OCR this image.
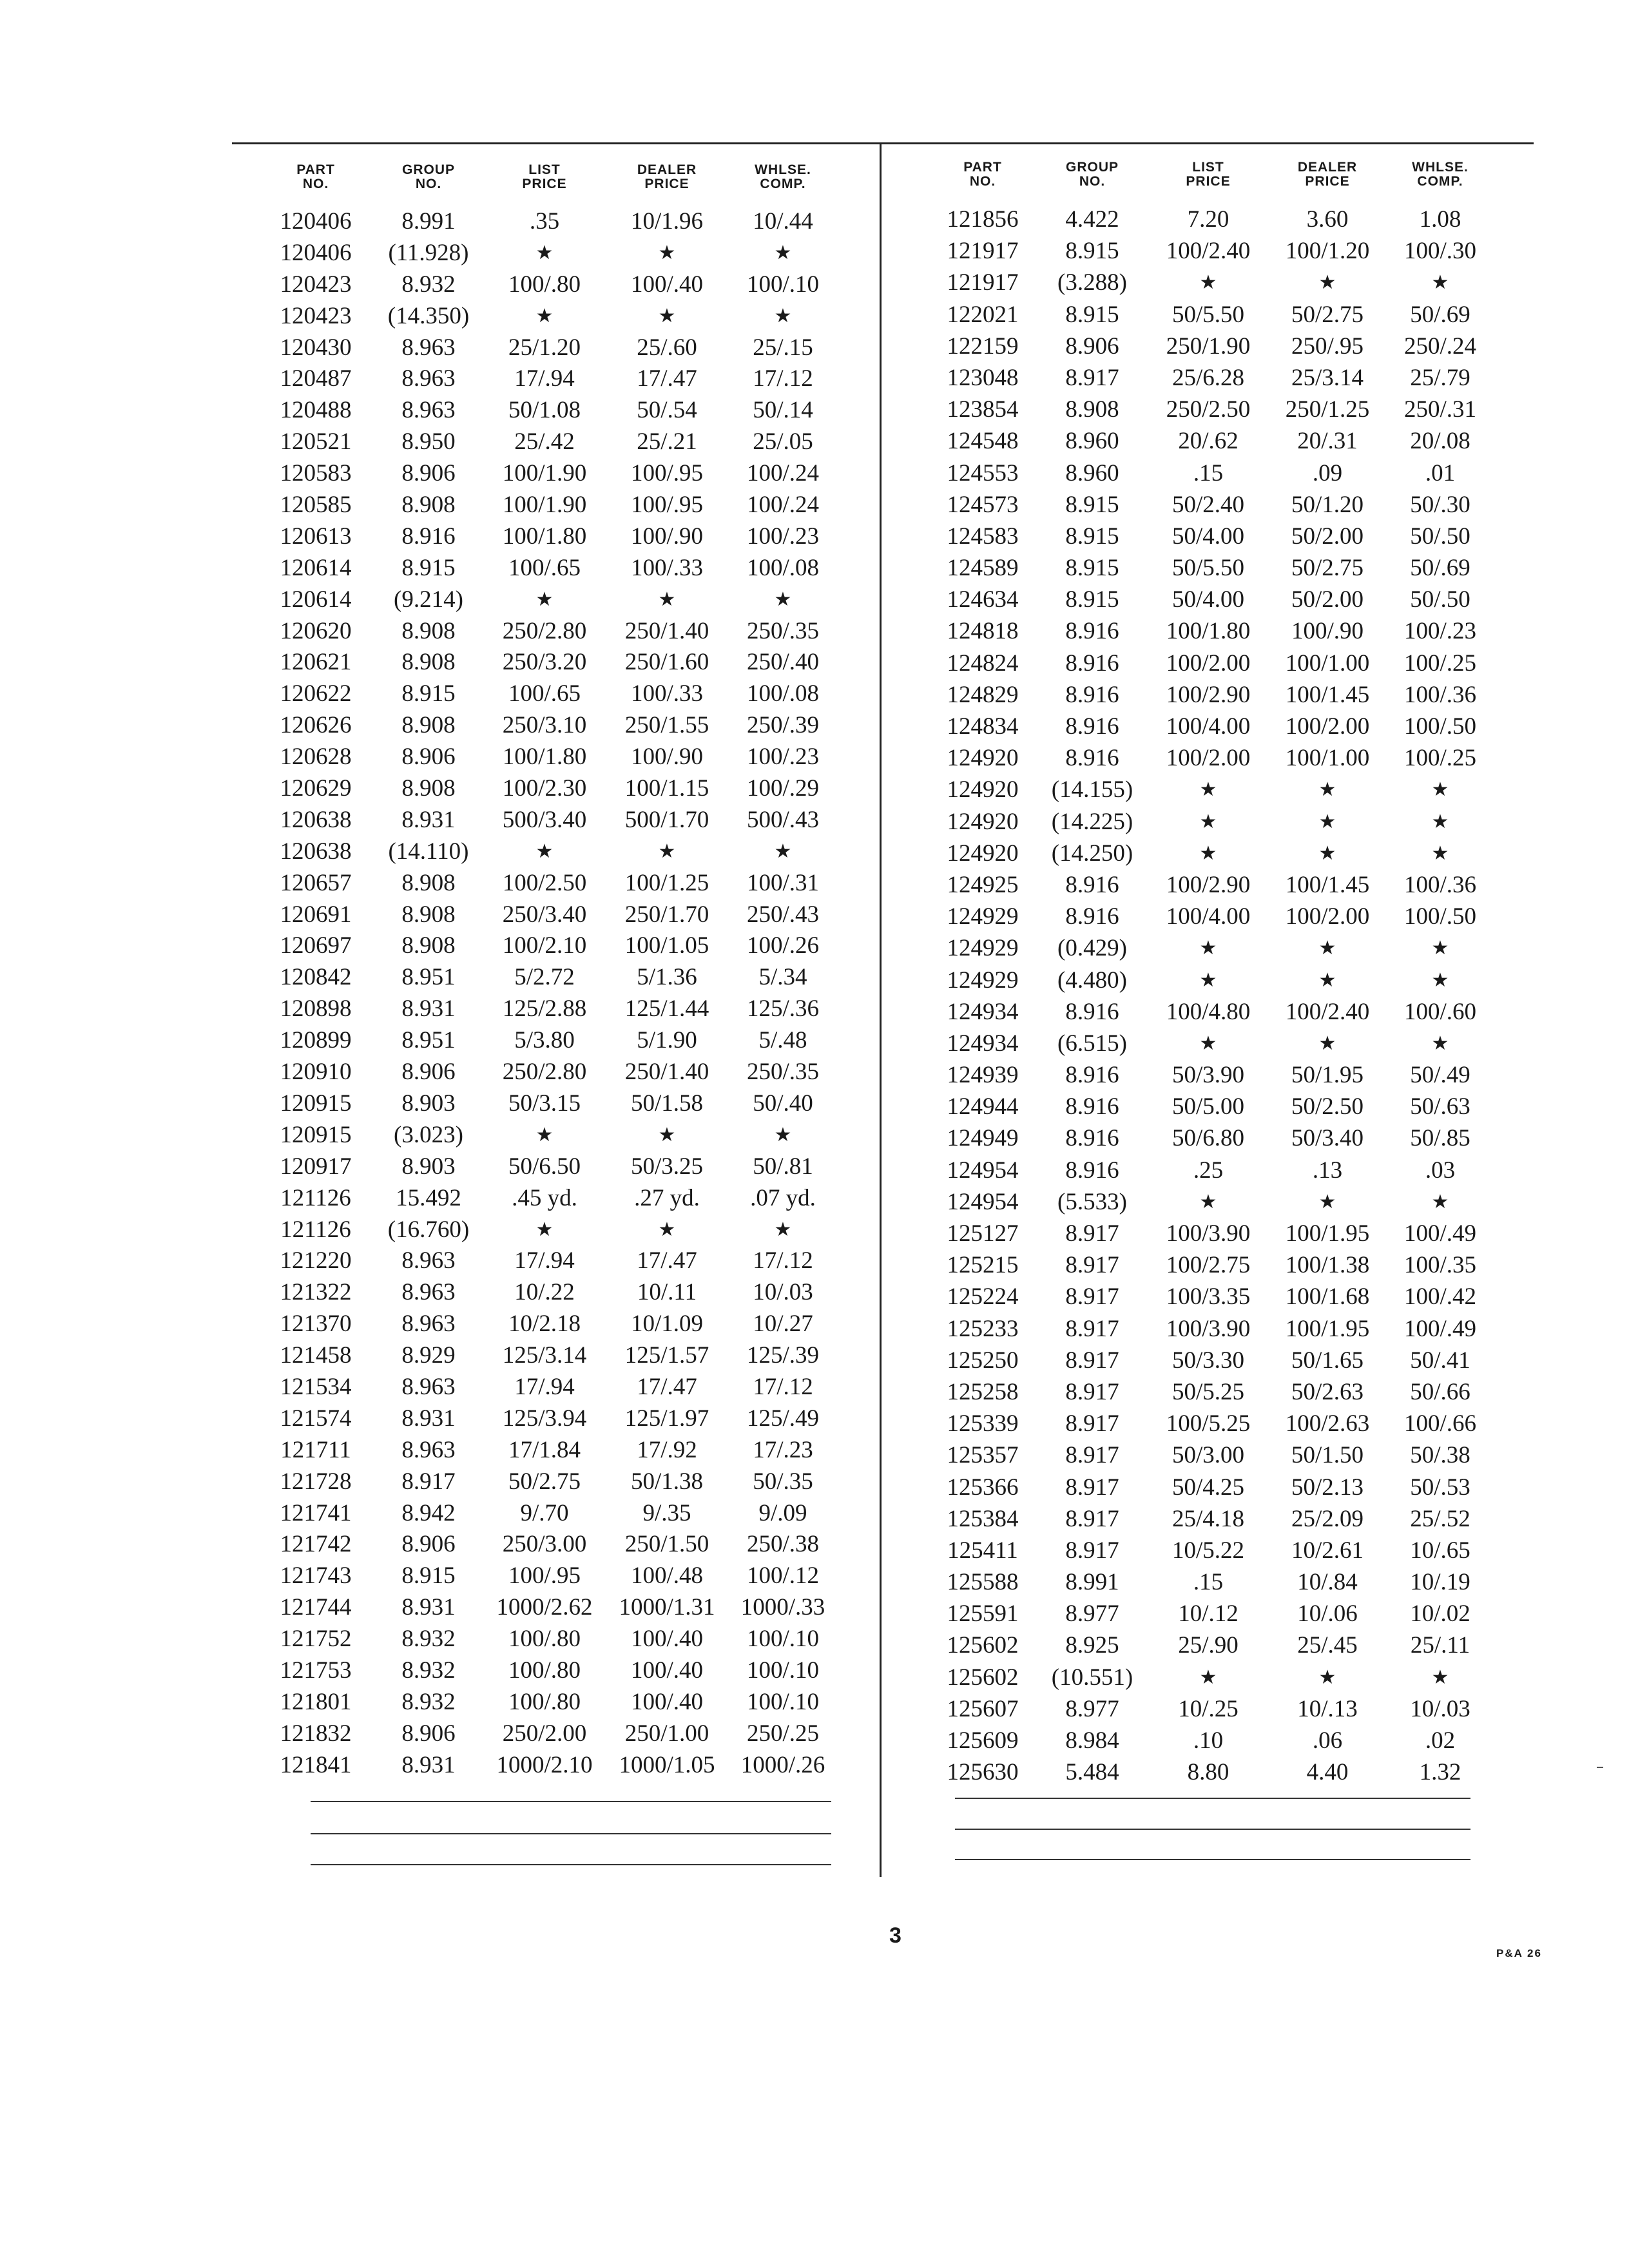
PART
NO.
GROUP
NO.
LIST
PRICE
DEALER
PRICE
WHLSE.
COMP.
120406	8.991	.35	10/1.96	10/.44
120406	(11.928)	★	★	★
120423	8.932	100/.80	100/.40	100/.10
120423	(14.350)	★	★	★
120430	8.963	25/1.20	25/.60	25/.15
120487	8.963	17/.94	17/.47	17/.12
120488	8.963	50/1.08	50/.54	50/.14
120521	8.950	25/.42	25/.21	25/.05
120583	8.906	100/1.90	100/.95	100/.24
120585	8.908	100/1.90	100/.95	100/.24
120613	8.916	100/1.80	100/.90	100/.23
120614	8.915	100/.65	100/.33	100/.08
120614	(9.214)	★	★	★
120620	8.908	250/2.80	250/1.40	250/.35
120621	8.908	250/3.20	250/1.60	250/.40
120622	8.915	100/.65	100/.33	100/.08
120626	8.908	250/3.10	250/1.55	250/.39
120628	8.906	100/1.80	100/.90	100/.23
120629	8.908	100/2.30	100/1.15	100/.29
120638	8.931	500/3.40	500/1.70	500/.43
120638	(14.110)	★	★	★
120657	8.908	100/2.50	100/1.25	100/.31
120691	8.908	250/3.40	250/1.70	250/.43
120697	8.908	100/2.10	100/1.05	100/.26
120842	8.951	5/2.72	5/1.36	5/.34
120898	8.931	125/2.88	125/1.44	125/.36
120899	8.951	5/3.80	5/1.90	5/.48
120910	8.906	250/2.80	250/1.40	250/.35
120915	8.903	50/3.15	50/1.58	50/.40
120915	(3.023)	★	★	★
120917	8.903	50/6.50	50/3.25	50/.81
121126	15.492	.45 yd.	.27 yd.	.07 yd.
121126	(16.760)	★	★	★
121220	8.963	17/.94	17/.47	17/.12
121322	8.963	10/.22	10/.11	10/.03
121370	8.963	10/2.18	10/1.09	10/.27
121458	8.929	125/3.14	125/1.57	125/.39
121534	8.963	17/.94	17/.47	17/.12
121574	8.931	125/3.94	125/1.97	125/.49
121711	8.963	17/1.84	17/.92	17/.23
121728	8.917	50/2.75	50/1.38	50/.35
121741	8.942	9/.70	9/.35	9/.09
121742	8.906	250/3.00	250/1.50	250/.38
121743	8.915	100/.95	100/.48	100/.12
121744	8.931	1000/2.62	1000/1.31	1000/.33
121752	8.932	100/.80	100/.40	100/.10
121753	8.932	100/.80	100/.40	100/.10
121801	8.932	100/.80	100/.40	100/.10
121832	8.906	250/2.00	250/1.00	250/.25
121841	8.931	1000/2.10	1000/1.05	1000/.26
PART
NO.
GROUP
NO.
LIST
PRICE
DEALER
PRICE
WHLSE.
COMP.
121856	4.422	7.20	3.60	1.08
121917	8.915	100/2.40	100/1.20	100/.30
121917	(3.288)	★	★	★
122021	8.915	50/5.50	50/2.75	50/.69
122159	8.906	250/1.90	250/.95	250/.24
123048	8.917	25/6.28	25/3.14	25/.79
123854	8.908	250/2.50	250/1.25	250/.31
124548	8.960	20/.62	20/.31	20/.08
124553	8.960	.15	.09	.01
124573	8.915	50/2.40	50/1.20	50/.30
124583	8.915	50/4.00	50/2.00	50/.50
124589	8.915	50/5.50	50/2.75	50/.69
124634	8.915	50/4.00	50/2.00	50/.50
124818	8.916	100/1.80	100/.90	100/.23
124824	8.916	100/2.00	100/1.00	100/.25
124829	8.916	100/2.90	100/1.45	100/.36
124834	8.916	100/4.00	100/2.00	100/.50
124920	8.916	100/2.00	100/1.00	100/.25
124920	(14.155)	★	★	★
124920	(14.225)	★	★	★
124920	(14.250)	★	★	★
124925	8.916	100/2.90	100/1.45	100/.36
124929	8.916	100/4.00	100/2.00	100/.50
124929	(0.429)	★	★	★
124929	(4.480)	★	★	★
124934	8.916	100/4.80	100/2.40	100/.60
124934	(6.515)	★	★	★
124939	8.916	50/3.90	50/1.95	50/.49
124944	8.916	50/5.00	50/2.50	50/.63
124949	8.916	50/6.80	50/3.40	50/.85
124954	8.916	.25	.13	.03
124954	(5.533)	★	★	★
125127	8.917	100/3.90	100/1.95	100/.49
125215	8.917	100/2.75	100/1.38	100/.35
125224	8.917	100/3.35	100/1.68	100/.42
125233	8.917	100/3.90	100/1.95	100/.49
125250	8.917	50/3.30	50/1.65	50/.41
125258	8.917	50/5.25	50/2.63	50/.66
125339	8.917	100/5.25	100/2.63	100/.66
125357	8.917	50/3.00	50/1.50	50/.38
125366	8.917	50/4.25	50/2.13	50/.53
125384	8.917	25/4.18	25/2.09	25/.52
125411	8.917	10/5.22	10/2.61	10/.65
125588	8.991	.15	10/.84	10/.19
125591	8.977	10/.12	10/.06	10/.02
125602	8.925	25/.90	25/.45	25/.11
125602	(10.551)	★	★	★
125607	8.977	10/.25	10/.13	10/.03
125609	8.984	.10	.06	.02
125630	5.484	8.80	4.40	1.32
3
P&A 26
